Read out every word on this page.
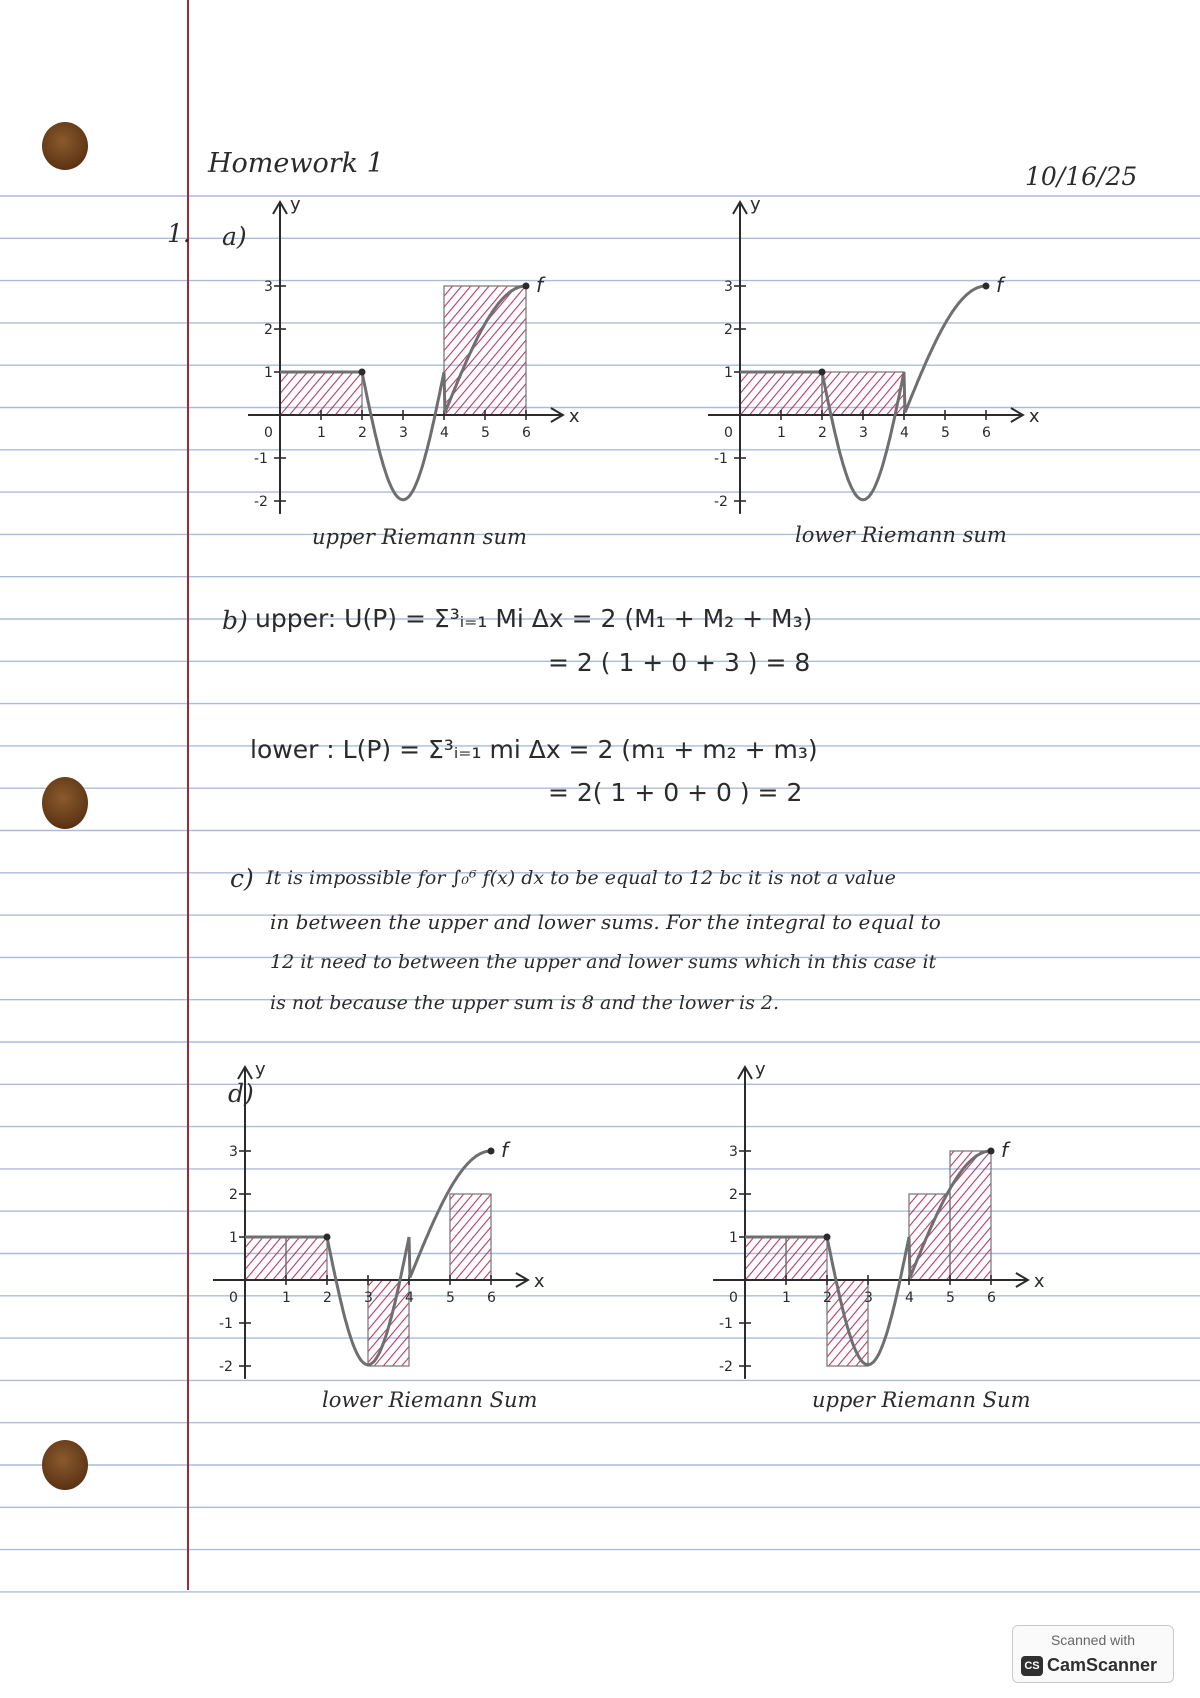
Homework 1	10/16/25
1. a)
x
y
0	1 2 3 4 5 6
3
2
1
-1
-2
f
x
y
0	1 2 3 4 5 6
3
2
1
-1
-2
f
upper Riemann sum	lower Riemann sum
b) upper: U(P) = Σ³ᵢ₌₁ Mi Δx = 2 (M₁ + M₂ + M₃)
= 2 ( 1 + 0 + 3 ) = 8
lower : L(P) = Σ³ᵢ₌₁ mi Δx = 2 (m₁ + m₂ + m₃)
= 2( 1 + 0 + 0 ) = 2
c) It is impossible for ∫₀⁶ f(x) dx to be equal to 12 bc it is not a value
in between the upper and lower sums. For the integral to equal to
12 it need to between the upper and lower sums which in this case it
is not because the upper sum is 8 and the lower is 2.
d)
x
y
0	1 2 3 4 5 6
3
2
1
-1
-2
f
x
y
0	1 2 3 4 5 6
3
2
1
-1
-2
f
lower Riemann Sum	upper Riemann Sum
Scanned with
CS CamScanner
